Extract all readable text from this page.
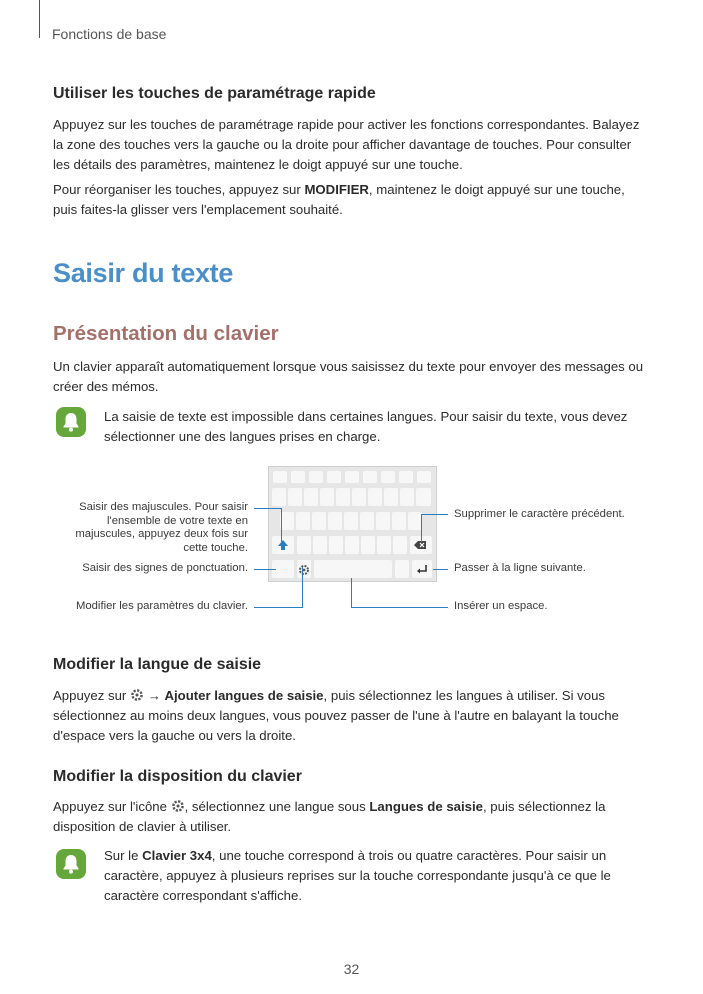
Fonctions de base
Utiliser les touches de paramétrage rapide
Appuyez sur les touches de paramétrage rapide pour activer les fonctions correspondantes. Balayez
la zone des touches vers la gauche ou la droite pour afficher davantage de touches. Pour consulter
les détails des paramètres, maintenez le doigt appuyé sur une touche.
Pour réorganiser les touches, appuyez sur MODIFIER, maintenez le doigt appuyé sur une touche,
puis faites-la glisser vers l'emplacement souhaité.
Saisir du texte
Présentation du clavier
Un clavier apparaît automatiquement lorsque vous saisissez du texte pour envoyer des messages ou
créer des mémos.
La saisie de texte est impossible dans certaines langues. Pour saisir du texte, vous devez
sélectionner une des langues prises en charge.
Saisir des majuscules. Pour saisir
l'ensemble de votre texte en
majuscules, appuyez deux fois sur
cette touche.
Saisir des signes de ponctuation.
Modifier les paramètres du clavier.
Supprimer le caractère précédent.
Passer à la ligne suivante.
Insérer un espace.
Modifier la langue de saisie
Appuyez sur  → Ajouter langues de saisie, puis sélectionnez les langues à utiliser. Si vous
sélectionnez au moins deux langues, vous pouvez passer de l'une à l'autre en balayant la touche
d'espace vers la gauche ou vers la droite.
Modifier la disposition du clavier
Appuyez sur l'icône , sélectionnez une langue sous Langues de saisie, puis sélectionnez la
disposition de clavier à utiliser.
Sur le Clavier 3x4, une touche correspond à trois ou quatre caractères. Pour saisir un
caractère, appuyez à plusieurs reprises sur la touche correspondante jusqu'à ce que le
caractère correspondant s'affiche.
32
